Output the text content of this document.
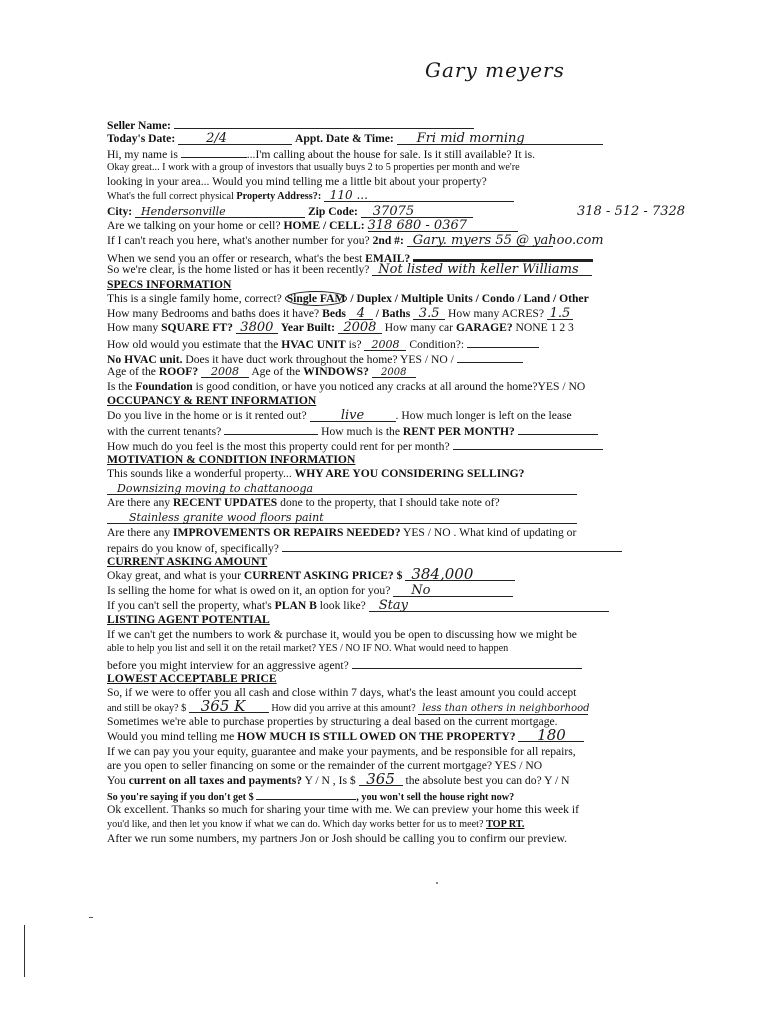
Gary meyers
Seller Name:
Today's Date: 2/4	Appt. Date & Time: Fri mid morning
Hi, my name is	...I'm calling about the house for sale. Is it still available? It is.
Okay great... I work with a group of investors that usually buys 2 to 5 properties per month and we're
looking in your area... Would you mind telling me a little bit about your property?
What's the full correct physical Property Address?: 110 ...
City: Hendersonville	Zip Code: 37075	318 - 512 - 7328
Are we talking on your home or cell? HOME / CELL: 318 680 - 0367
If I can't reach you here, what's another number for you? 2nd #: Gary. myers 55 @ yahoo.com
When we send you an offer or research, what's the best EMAIL?
So we're clear, is the home listed or has it been recently? Not listed with keller Williams
SPECS INFORMATION
This is a single family home, correct? Single FAM / Duplex / Multiple Units / Condo / Land / Other
How many Bedrooms and baths does it have? Beds 4 / Baths 3.5 How many ACRES? 1.5
How many SQUARE FT? 3800 Year Built: 2008 How many car GARAGE? NONE 1 2 3
How old would you estimate that the HVAC UNIT is? 2008 Condition?:
No HVAC unit. Does it have duct work throughout the home? YES / NO /
Age of the ROOF? 2008 Age of the WINDOWS? 2008
Is the Foundation is good condition, or have you noticed any cracks at all around the home?YES / NO
OCCUPANCY & RENT INFORMATION
Do you live in the home or is it rented out?	live	. How much longer is left on the lease
with the current tenants?	How much is the RENT PER MONTH?
How much do you feel is the most this property could rent for per month?
MOTIVATION & CONDITION INFORMATION
This sounds like a wonderful property... WHY ARE YOU CONSIDERING SELLING?
Downsizing moving to chattanooga
Are there any RECENT UPDATES done to the property, that I should take note of?
Stainless granite wood floors paint
Are there any IMPROVEMENTS OR REPAIRS NEEDED? YES / NO . What kind of updating or
repairs do you know of, specifically?
CURRENT ASKING AMOUNT
Okay great, and what is your CURRENT ASKING PRICE? $ 384,000
Is selling the home for what is owed on it, an option for you? No
If you can't sell the property, what's PLAN B look like? Stay
LISTING AGENT POTENTIAL
If we can't get the numbers to work & purchase it, would you be open to discussing how we might be
able to help you list and sell it on the retail market? YES / NO IF NO. What would need to happen
before you might interview for an aggressive agent?
LOWEST ACCEPTABLE PRICE
So, if we were to offer you all cash and close within 7 days, what's the least amount you could accept
and still be okay? $ 365 K	How did you arrive at this amount? less than others in neighborhood
Sometimes we're able to purchase properties by structuring a deal based on the current mortgage.
Would you mind telling me HOW MUCH IS STILL OWED ON THE PROPERTY? 180
If we can pay you your equity, guarantee and make your payments, and be responsible for all repairs,
are you open to seller financing on some or the remainder of the current mortgage? YES / NO
You current on all taxes and payments? Y / N , Is $ 365 the absolute best you can do? Y / N
So you're saying if you don't get $	, you won't sell the house right now?
Ok excellent. Thanks so much for sharing your time with me. We can preview your home this week if
you'd like, and then let you know if what we can do. Which day works better for us to meet? TOP RT.
After we run some numbers, my partners Jon or Josh should be calling you to confirm our preview.
